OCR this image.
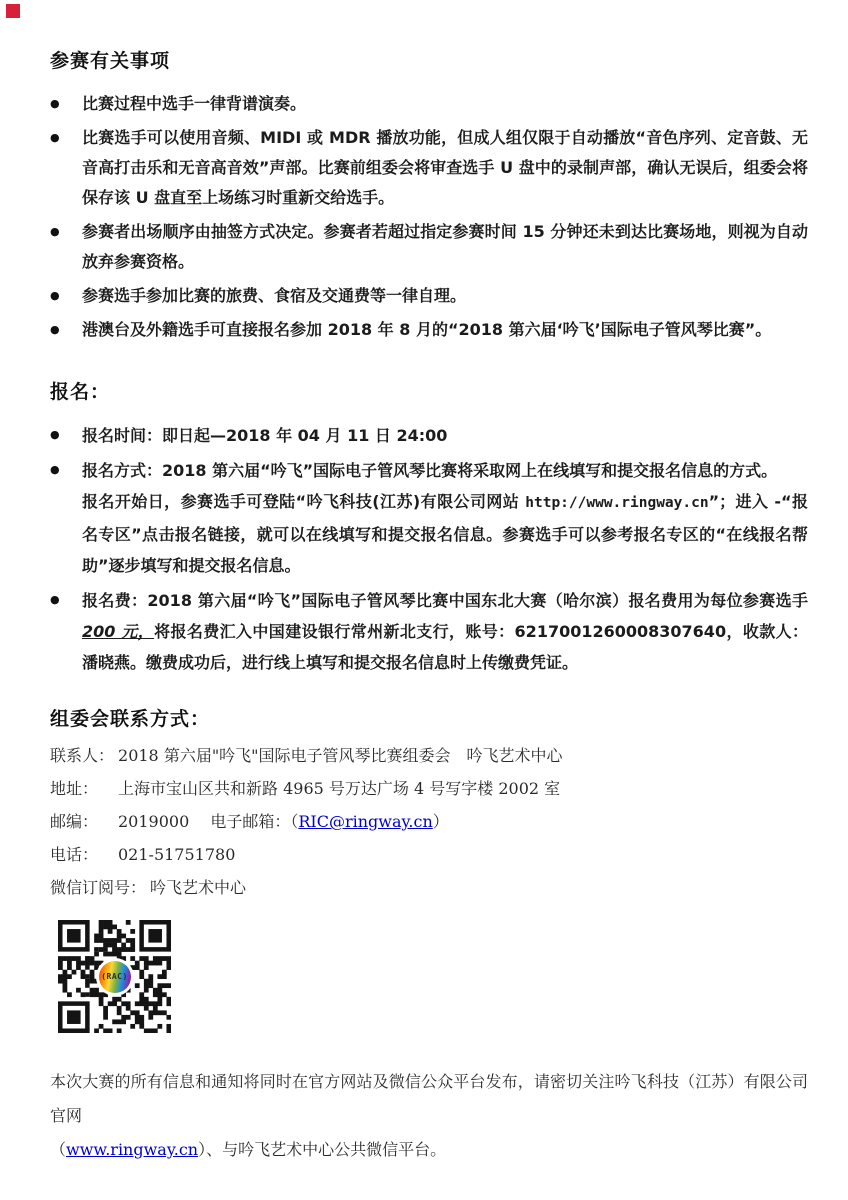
参赛有关事项
●	比赛过程中选手一律背谱演奏。
●	比赛选手可以使用音频、MIDI 或 MDR 播放功能，但成人组仅限于自动播放“音色序列、定音鼓、无音高打击乐和无音高音效”声部。比赛前组委会将审查选手 U 盘中的录制声部，确认无误后，组委会将保存该 U 盘直至上场练习时重新交给选手。
●	参赛者出场顺序由抽签方式决定。参赛者若超过指定参赛时间 15 分钟还未到达比赛场地，则视为自动放弃参赛资格。
●	参赛选手参加比赛的旅费、食宿及交通费等一律自理。
●	港澳台及外籍选手可直接报名参加 2018 年 8 月的“2018 第六届‘吟飞’国际电子管风琴比赛”。
报名：
●	报名时间：即日起—2018 年 04 月 11 日 24:00
●	报名方式：2018 第六届“吟飞”国际电子管风琴比赛将采取网上在线填写和提交报名信息的方式。

报名开始日，参赛选手可登陆“吟飞科技(江苏)有限公司网站 http://www.ringway.cn”；进入 -“报名专区”点击报名链接，就可以在线填写和提交报名信息。参赛选手可以参考报名专区的“在线报名帮助”逐步填写和提交报名信息。

●	报名费：2018 第六届“吟飞”国际电子管风琴比赛中国东北大赛（哈尔滨）报名费用为每位参赛选手 200 元，将报名费汇入中国建设银行常州新北支行，账号：6217001260008307640，收款人：潘晓燕。缴费成功后，进行线上填写和提交报名信息时上传缴费凭证。
组委会联系方式：
联系人： 2018 第六届"吟飞"国际电子管风琴比赛组委会　吟飞艺术中心
地址：	上海市宝山区共和新路 4965 号万达广场 4 号写字楼 2002 室
邮编：	2019000　 电子邮箱：（RIC@ringway.cn）
电话：	021-51751780
微信订阅号： 吟飞艺术中心
(RAC)
本次大赛的所有信息和通知将同时在官方网站及微信公众平台发布，请密切关注吟飞科技（江苏）有限公司官网
（www.ringway.cn）、与吟飞艺术中心公共微信平台。
